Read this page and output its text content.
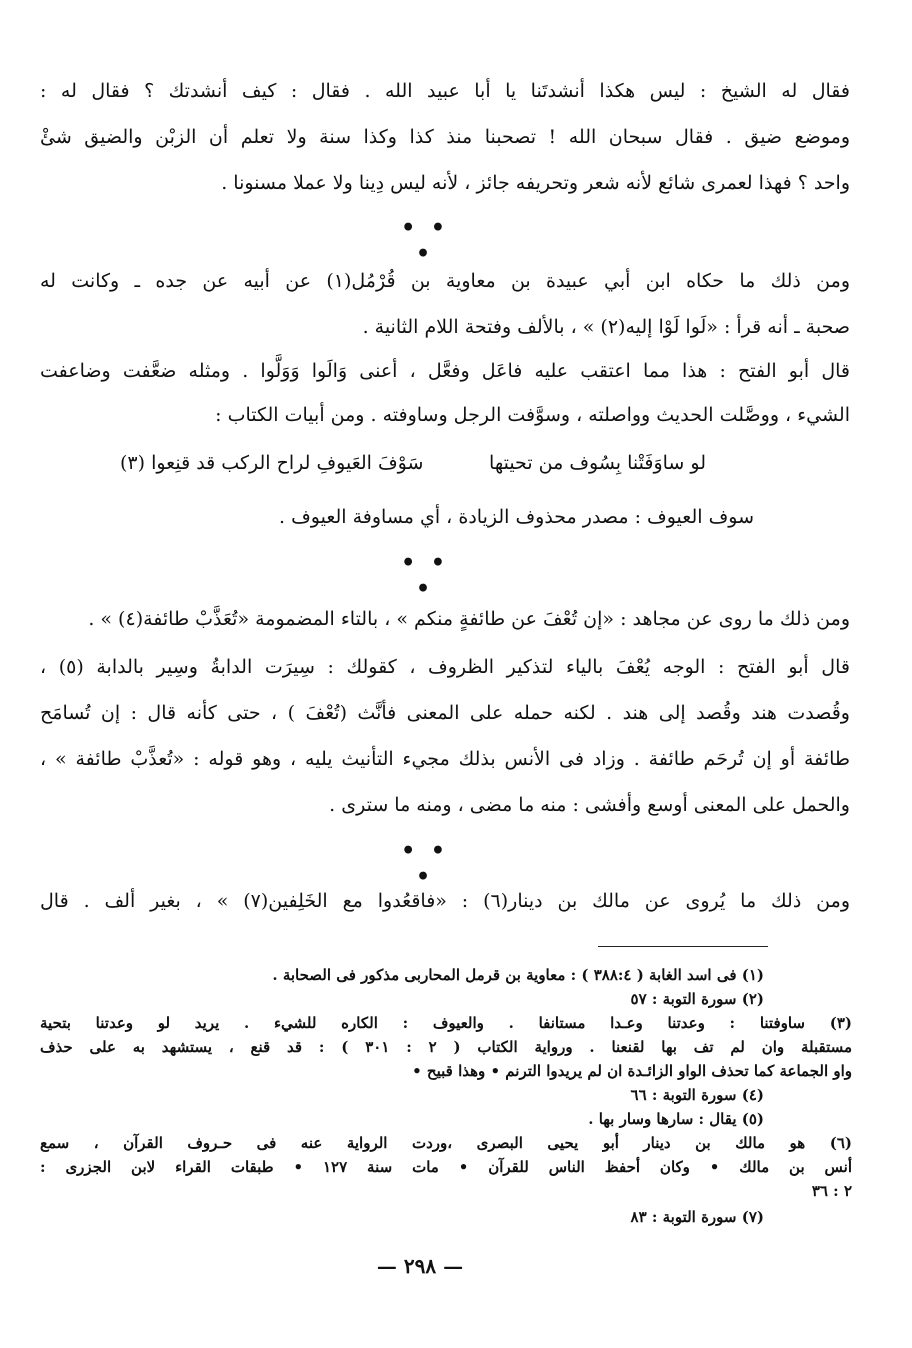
فقال له الشيخ : ليس هكذا أنشدتَنا يا أبا عبيد الله . فقال : كيف أنشدتك ؟ فقال له :
وموضع ضيق . فقال سبحان الله ! تصحبنا منذ كذا وكذا سنة ولا تعلم أن الزبْن والضيق شئْ
واحد ؟ فهذا لعمرى شائع لأنه شعر وتحريفه جائز ، لأنه ليس دِينا ولا عملا مسنونا .
• • •
ومن ذلك ما حكاه ابن أبي عبيدة بن معاوية بن قُرْمُل(١) عن أبيه عن جده ـ وكانت له
صحبة ـ أنه قرأ : «لَوا لَوْا إليه(٢) » ، بالألف وفتحة اللام الثانية .
قال أبو الفتح : هذا مما اعتقب عليه فاعَل وفعَّل ، أعنى وَالَوا وَوَلَّوا . ومثله ضعَّفت وضاعفت
الشيء ، ووصَّلت الحديث وواصلته ، وسوَّفت الرجل وساوفته . ومن أبيات الكتاب :
لو ساوَفَتْنا بِسُوف من تحيتها
سَوْفَ العَيوفِ لراح الركب قد قنِعوا (٣)
سوف العيوف : مصدر محذوف الزيادة ، أي مساوفة العيوف .
• • •
ومن ذلك ما روى عن مجاهد : «إن تُعْفَ عن طائفةٍ منكم » ، بالتاء المضمومة «تُعَذَّبْ طائفة(٤) » .
قال أبو الفتح : الوجه يُعْفَ بالياء لتذكير الظروف ، كقولك : سِيرَت الدابةُ وسِير بالدابة (٥) ،
وقُصدت هند وقُصد إلى هند . لكنه حمله على المعنى فأنَّث (تُعْفَ ) ، حتى كأنه قال : إن تُسامَح
طائفة أو إن تُرحَم طائفة . وزاد فى الأنس بذلك مجيء التأنيث يليه ، وهو قوله : «تُعذَّبْ طائفة » ،
والحمل على المعنى أوسع وأفشى : منه ما مضى ، ومنه ما سترى .
• • •
ومن ذلك ما يُروى عن مالك بن دينار(٦) : «فاقعُدوا مع الخَلِفين(٧) » ، بغير ألف . قال
(١) فى اسد الغابة ( ٣٨٨:٤ ) : معاوية بن قرمل المحاربى مذكور فى الصحابة .
(٢) سورة التوبة : ٥٧
(٣) ساوفتنا : وعدتنا وعـدا مستانفا . والعيوف : الكاره للشيء . يريد لو وعدتنا بتحية
مستقبلة وان لم تف بها لقنعنا . ورواية الكتاب ( ٢ : ٣٠١ ) : قد قنع ، يستشهد به على حذف
واو الجماعة كما تحذف الواو الزائـدة ان لم يريدوا الترنم • وهذا قبيح •
(٤) سورة التوبة : ٦٦
(٥) يقال : سارها وسار بها .
(٦) هو مالك بن دينار أبو يحيى البصرى ،وردت الرواية عنه فى حـروف القرآن ، سمع
أنس بن مالك • وكان أحفظ الناس للقرآن • مات سنة ١٢٧ • طبقات القراء لابن الجزرى :
٢ : ٣٦
(٧) سورة التوبة : ٨٣
— ٢٩٨ —
